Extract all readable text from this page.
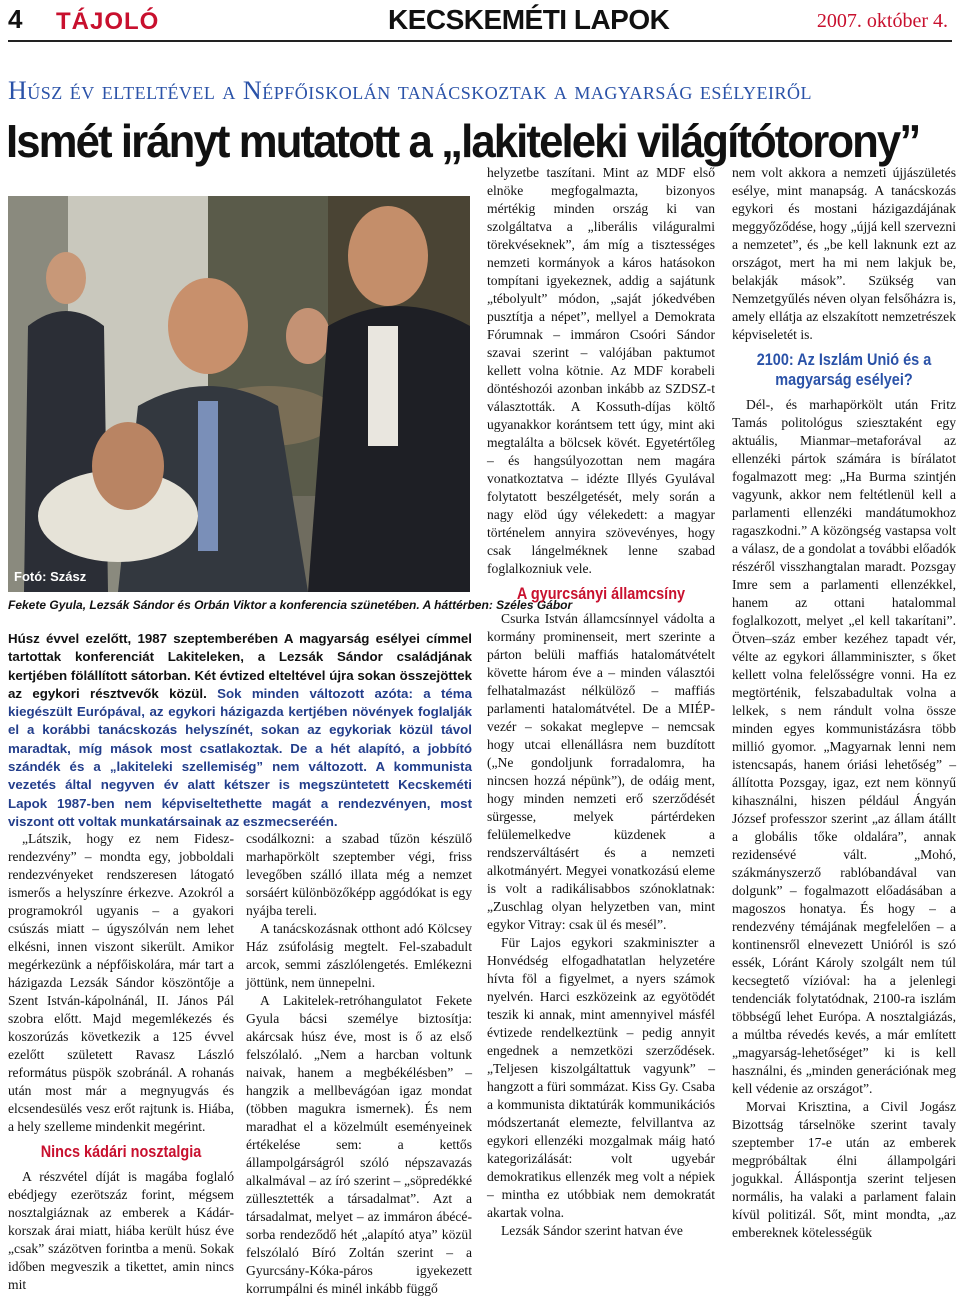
4 TÁJOLÓ	KECSKEMÉTI LAPOK	2007. október 4.
Húsz év elteltével a Népfőiskolán tanácskoztak a magyarság esélyeiről
Ismét irányt mutatott a „lakiteleki világítótorony”
Fotó: Szász
Fekete Gyula, Lezsák Sándor és Orbán Viktor a konferencia szünetében. A háttérben: Széles Gábor
Húsz évvel ezelőtt, 1987 szeptemberében A magyarság esélyei címmel tartottak konferenciát Lakiteleken, a Lezsák Sándor családjának kertjében fölállított sátorban. Két évtized elteltével újra sokan összejöttek az egykori résztvevők közül. Sok minden változott azóta: a téma kiegészült Európával, az egykori házigazda kertjében növények foglalják el a korábbi tanácskozás helyszínét, sokan az egykoriak közül távol maradtak, míg mások most csatlakoztak. De a hét alapító, a jobbító szándék és a „lakiteleki szellemiség” nem változott. A kommunista vezetés által negyven év alatt kétszer is megszüntetett Kecskeméti Lapok 1987-ben nem képviseltethette magát a rendezvényen, most viszont ott voltak munkatársainak az eszmecseréén.

„Látszik, hogy ez nem Fidesz-rendezvény” – mondta egy, jobboldali rendezvényeket rendszeresen látogató ismerős a helyszínre érkezve. Azokról a programokról ugyanis – a gyakori csúszás miatt – úgyszólván nem lehet elkésni, innen viszont sikerült. Amikor megérkezünk a népfőiskolára, már tart a házigazda Lezsák Sándor köszöntője a Szent István-kápolnánál, II. János Pál szobra előtt. Majd megemlékezés és koszorúzás következik a 125 évvel ezelőtt született Ravasz László református püspök szobránál. A rohanás után most már a megnyugvás és elcsendesülés vesz erőt rajtunk is. Hiába, a hely szelleme mindenkit megérint.

Nincs kádári nosztalgia

A részvétel díját is magába foglaló ebédjegy ezerötszáz forint, mégsem nosztalgiáznak az emberek a Kádár-korszak árai miatt, hiába került húsz éve „csak” százötven forintba a menü. Sokak időben megveszik a tikettet, amin nincs mit

csodálkozni: a szabad tűzön készülő marhapörkölt szeptember végi, friss levegőben szálló illata még a nemzet sorsáért különbözőképp aggódókat is egy nyájba tereli.

A tanácskozásnak otthont adó Kölcsey Ház zsúfolásig megtelt. Fel-szabadult arcok, semmi zászlólengetés. Emlékezni jöttünk, nem ünnepelni.

A Lakitelek-retróhangulatot Fekete Gyula bácsi személye biztosítja: akárcsak húsz éve, most is ő az első felszólaló. „Nem a harcban voltunk naivak, hanem a megbékélésben” – hangzik a mellbevágóan igaz mondat (többen magukra ismernek). És nem maradhat el a közelmúlt eseményeinek értékelése sem: a kettős állampolgárságról szóló népszavazás alkalmával – az író szerint – „söpredékké züllesztették a társadalmat”. Azt a társadalmat, melyet – az immáron ábécé-sorba rendeződő hét „alapító atya” közül felszólaló Bíró Zoltán szerint – a Gyurcsány-Kóka-páros igyekezett korrumpálni és minél inkább függő

helyzetbe taszítani. Mint az MDF első elnöke megfogalmazta, bizonyos mértékig minden ország ki van szolgáltatva a „liberális világuralmi törekvéseknek”, ám míg a tisztességes nemzeti kormányok a káros hatásokon tompítani igyekeznek, addig a sajátunk „tébolyult” módon, „saját jókedvében pusztítja a népet”, mellyel a Demokrata Fórumnak – immáron Csoóri Sándor szavai szerint – valójában paktumot kellett volna kötnie. Az MDF korabeli döntéshozói azonban inkább az SZDSZ-t választották. A Kossuth-díjas költő ugyanakkor korántsem tett úgy, mint aki megtalálta a bölcsek kövét. Egyetértőleg – és hangsúlyozottan nem magára vonatkoztatva – idézte Illyés Gyulával folytatott beszélgetését, mely során a nagy elöd úgy vélekedett: a magyar történelem annyira szövevényes, hogy csak lángelméknek lenne szabad foglalkozniuk vele.

A gyurcsányi államcsíny

Csurka István államcsínnyel vádolta a kormány prominenseit, mert szerinte a párton belüli maffiás hatalomátvételt követte három éve a – minden választói felhatalmazást nélkülöző – maffiás parlamenti hatalomátvétel. De a MIÉP-vezér – sokakat meglepve – nemcsak hogy utcai ellenállásra nem buzdított („Ne gondoljunk forradalomra, ha nincsen hozzá népünk”), de odáig ment, hogy minden nemzeti erő szerződését sürgesse, melyek pártérdeken felülemelkedve küzdenek a rendszerváltásért és a nemzeti alkotmányért. Megyei vonatkozású eleme is volt a radikálisabbos szónoklatnak: „Zuschlag olyan helyzetben van, mint egykor Vitray: csak ül és mesél”.

Für Lajos egykori szakminiszter a Honvédség elfogadhatatlan helyzetére hívta föl a figyelmet, a nyers számok nyelvén. Harci eszközeink az egyötödét teszik ki annak, mint amennyivel másfél évtizede rendelkeztünk – pedig annyit engednek a nemzetközi szerződések. „Teljesen kiszolgáltattuk vagyunk” – hangzott a füri sommázat. Kiss Gy. Csaba a kommunista diktatúrák kommunikációs módszertanát elemezte, felvillantva az egykori ellenzéki mozgalmak máig ható kategorizálását: volt ugyebár demokratikus ellenzék meg volt a népiek – mintha ez utóbbiak nem demokratát akartak volna.

Lezsák Sándor szerint hatvan éve

nem volt akkora a nemzeti újjászületés esélye, mint manapság. A tanácskozás egykori és mostani házigazdájának meggyőződése, hogy „újjá kell szervezni a nemzetet”, és „be kell laknunk ezt az országot, mert ha mi nem lakjuk be, belakják mások”. Szükség van Nemzetgyűlés néven olyan felsőházra is, amely ellátja az elszakított nemzetrészek képviseletét is.

2100: Az Iszlám Unió és a magyarság esélyei?

Dél-, és marhapörkölt után Fritz Tamás politológus sziesztaként egy aktuális, Mianmar–metaforával az ellenzéki pártok számára is bírálatot fogalmazott meg: „Ha Burma szintjén vagyunk, akkor nem feltétlenül kell a parlamenti ellenzéki mandátumokhoz ragaszkodni.” A közöngség vastapsa volt a válasz, de a gondolat a további előadók részéről visszhangtalan maradt. Pozsgay Imre sem a parlamenti ellenzékkel, hanem az ottani hatalommal foglalkozott, melyet „el kell takarítani”. Ötven–száz ember kezéhez tapadt vér, vélte az egykori államminiszter, s őket kellett volna felelősségre vonni. Ha ez megtörténik, felszabadultak volna a lelkek, s nem rándult volna össze minden egyes kommunistázásra több millió gyomor. „Magyarnak lenni nem istencsapás, hanem óriási lehetőség” – állította Pozsgay, igaz, ezt nem könnyű kihasználni, hiszen például Ángyán József professzor szerint „az állam átállt a globális tőke oldalára”, annak rezidensévé vált. „Mohó, szákmányszerző rablóbandával van dolgunk” – fogalmazott előadásában a magoszos honatya. És hogy – a rendezvény témájának megfelelően – a kontinensről elnevezett Unióról is szó essék, Lóránt Károly szolgált nem túl kecsegtető vízióval: ha a jelenlegi tendenciák folytatódnak, 2100-ra iszlám többségű lehet Európa. A nosztalgiázás, a múltba révedés kevés, a már említett „magyarság-lehetőséget” ki is kell használni, és „minden generációnak meg kell védenie az országot”.

Morvai Krisztina, a Civil Jogász Bizottság társelnöke szerint tavaly szeptember 17-e után az emberek megpróbáltak élni állampolgári jogukkal. Álláspontja szerint teljesen normális, ha valaki a parlament falain kívül politizál. Sőt, mint mondta, „az embereknek kötelességük
